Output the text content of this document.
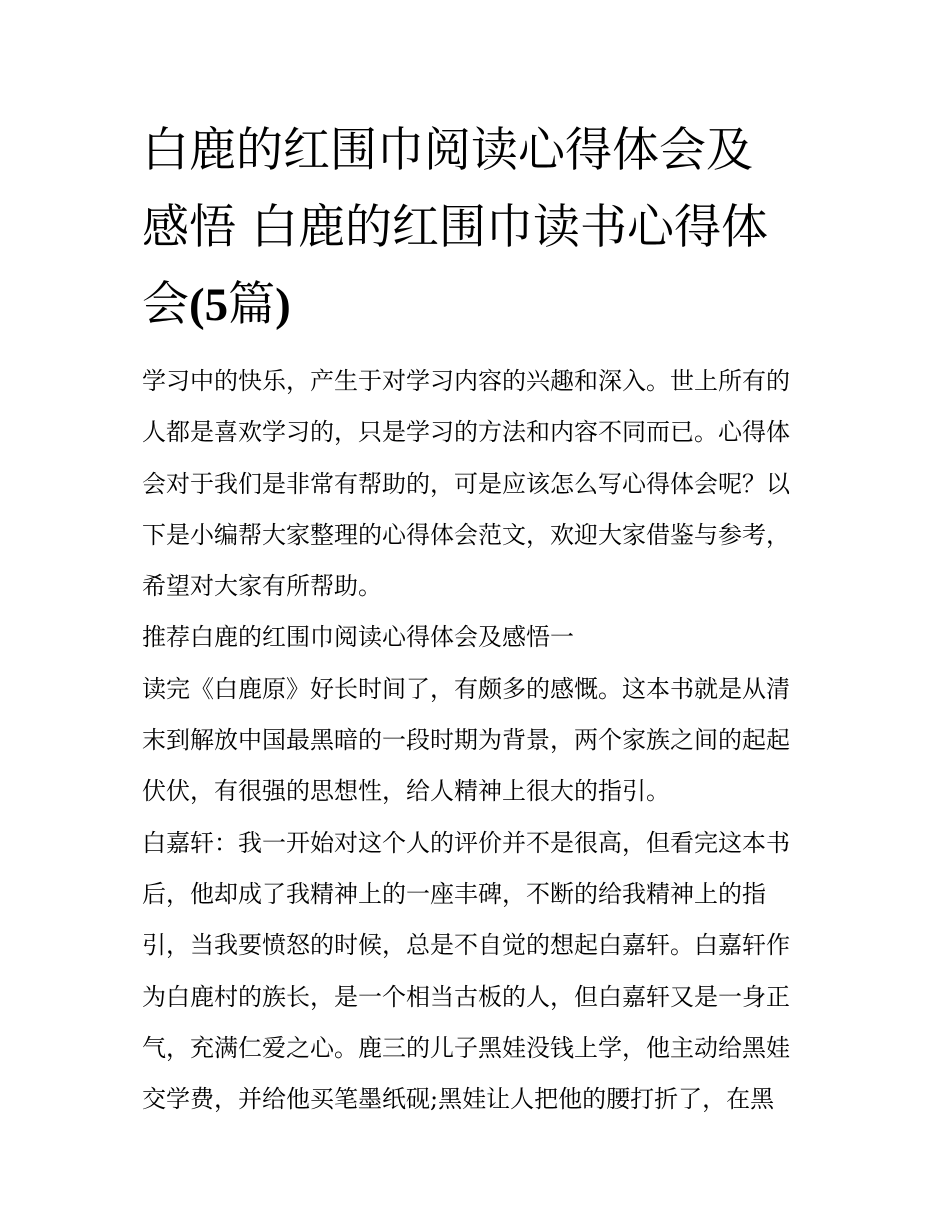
白鹿的红围巾阅读心得体会及
感悟 白鹿的红围巾读书心得体
会(5篇)
学习中的快乐，产生于对学习内容的兴趣和深入。世上所有的
人都是喜欢学习的，只是学习的方法和内容不同而已。心得体
会对于我们是非常有帮助的，可是应该怎么写心得体会呢？以
下是小编帮大家整理的心得体会范文，欢迎大家借鉴与参考，
希望对大家有所帮助。
推荐白鹿的红围巾阅读心得体会及感悟一
读完《白鹿原》好长时间了，有颇多的感慨。这本书就是从清
末到解放中国最黑暗的一段时期为背景，两个家族之间的起起
伏伏，有很强的思想性，给人精神上很大的指引。
白嘉轩：我一开始对这个人的评价并不是很高，但看完这本书
后，他却成了我精神上的一座丰碑，不断的给我精神上的指
引，当我要愤怒的时候，总是不自觉的想起白嘉轩。白嘉轩作
为白鹿村的族长，是一个相当古板的人，但白嘉轩又是一身正
气，充满仁爱之心。鹿三的儿子黑娃没钱上学，他主动给黑娃
交学费，并给他买笔墨纸砚;黑娃让人把他的腰打折了，在黑
